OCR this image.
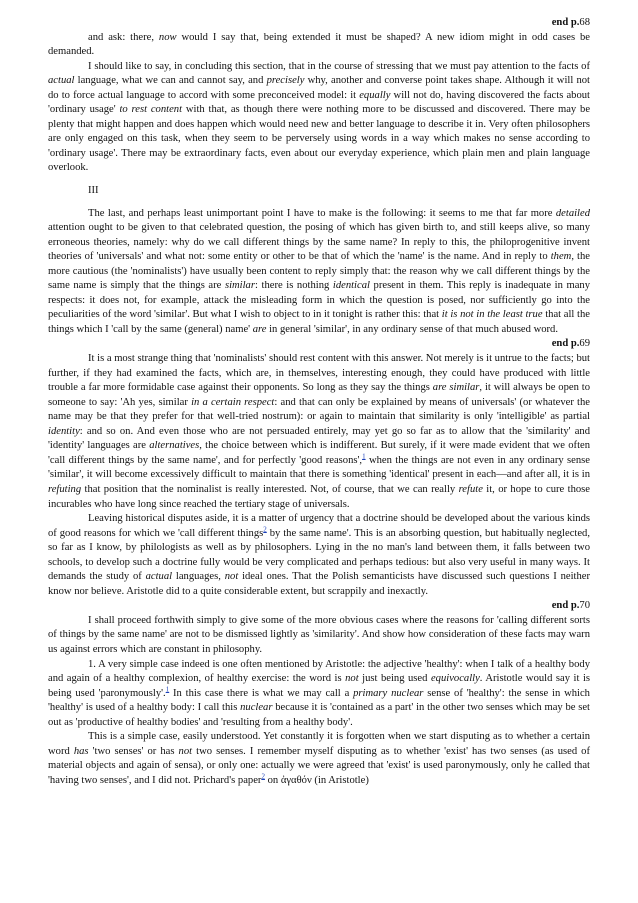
end p.68

and ask: there, now would I say that, being extended it must be shaped? A new idiom might in odd cases be demanded.

I should like to say, in concluding this section, that in the course of stressing that we must pay attention to the facts of actual language, what we can and cannot say, and precisely why, another and converse point takes shape. Although it will not do to force actual language to accord with some preconceived model: it equally will not do, having discovered the facts about 'ordinary usage' to rest content with that, as though there were nothing more to be discussed and discovered. There may be plenty that might happen and does happen which would need new and better language to describe it in. Very often philosophers are only engaged on this task, when they seem to be perversely using words in a way which makes no sense according to 'ordinary usage'. There may be extraordinary facts, even about our everyday experience, which plain men and plain language overlook.

III

The last, and perhaps least unimportant point I have to make is the following: it seems to me that far more detailed attention ought to be given to that celebrated question, the posing of which has given birth to, and still keeps alive, so many erroneous theories, namely: why do we call different things by the same name? In reply to this, the philoprogenitive invent theories of 'universals' and what not: some entity or other to be that of which the 'name' is the name. And in reply to them, the more cautious (the 'nominalists') have usually been content to reply simply that: the reason why we call different things by the same name is simply that the things are similar: there is nothing identical present in them. This reply is inadequate in many respects: it does not, for example, attack the misleading form in which the question is posed, nor sufficiently go into the peculiarities of the word 'similar'. But what I wish to object to in it tonight is rather this: that it is not in the least true that all the things which I 'call by the same (general) name' are in general 'similar', in any ordinary sense of that much abused word.

end p.69

It is a most strange thing that 'nominalists' should rest content with this answer. Not merely is it untrue to the facts; but further, if they had examined the facts, which are, in themselves, interesting enough, they could have produced with little trouble a far more formidable case against their opponents. So long as they say the things are similar, it will always be open to someone to say: 'Ah yes, similar in a certain respect: and that can only be explained by means of universals' (or whatever the name may be that they prefer for that well-tried nostrum): or again to maintain that similarity is only 'intelligible' as partial identity: and so on. And even those who are not persuaded entirely, may yet go so far as to allow that the 'similarity' and 'identity' languages are alternatives, the choice between which is indifferent. But surely, if it were made evident that we often 'call different things by the same name', and for perfectly 'good reasons',$^1$ when the things are not even in any ordinary sense 'similar', it will become excessively difficult to maintain that there is something 'identical' present in each—and after all, it is in refuting that position that the nominalist is really interested. Not, of course, that we can really refute it, or hope to cure those incurables who have long since reached the tertiary stage of universals.

Leaving historical disputes aside, it is a matter of urgency that a doctrine should be developed about the various kinds of good reasons for which we 'call different things$^2$ by the same name'. This is an absorbing question, but habitually neglected, so far as I know, by philologists as well as by philosophers. Lying in the no man's land between them, it falls between two schools, to develop such a doctrine fully would be very complicated and perhaps tedious: but also very useful in many ways. It demands the study of actual languages, not ideal ones. That the Polish semanticists have discussed such questions I neither know nor believe. Aristotle did to a quite considerable extent, but scrappily and inexactly.

end p.70

I shall proceed forthwith simply to give some of the more obvious cases where the reasons for 'calling different sorts of things by the same name' are not to be dismissed lightly as 'similarity'. And show how consideration of these facts may warn us against errors which are constant in philosophy.

1. A very simple case indeed is one often mentioned by Aristotle: the adjective 'healthy': when I talk of a healthy body and again of a healthy complexion, of healthy exercise: the word is not just being used equivocally. Aristotle would say it is being used 'paronymously'.$^1$ In this case there is what we may call a primary nuclear sense of 'healthy': the sense in which 'healthy' is used of a healthy body: I call this nuclear because it is 'contained as a part' in the other two senses which may be set out as 'productive of healthy bodies' and 'resulting from a healthy body'.

This is a simple case, easily understood. Yet constantly it is forgotten when we start disputing as to whether a certain word has 'two senses' or has not two senses. I remember myself disputing as to whether 'exist' has two senses (as used of material objects and again of sensa), or only one: actually we were agreed that 'exist' is used paronymously, only he called that 'having two senses', and I did not. Prichard's paper$^2$ on ἀγαθόν (in Aristotle)
